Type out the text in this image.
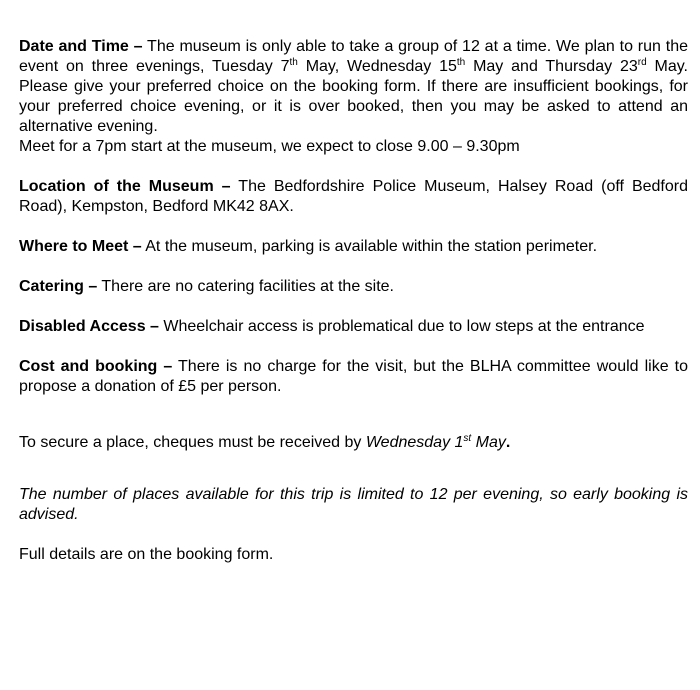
Date and Time – The museum is only able to take a group of 12 at a time. We plan to run the event on three evenings, Tuesday 7th May, Wednesday 15th May and Thursday 23rd May. Please give your preferred choice on the booking form. If there are insufficient bookings, for your preferred choice evening, or it is over booked, then you may be asked to attend an alternative evening.

Meet for a 7pm start at the museum, we expect to close 9.00 – 9.30pm

Location of the Museum – The Bedfordshire Police Museum, Halsey Road (off Bedford Road), Kempston, Bedford MK42 8AX.

Where to Meet – At the museum, parking is available within the station perimeter.

Catering – There are no catering facilities at the site.

Disabled Access – Wheelchair access is problematical due to low steps at the entrance

Cost and booking – There is no charge for the visit, but the BLHA committee would like to propose a donation of £5 per person.

To secure a place, cheques must be received by Wednesday 1st May.

The number of places available for this trip is limited to 12 per evening, so early booking is advised.

Full details are on the booking form.
